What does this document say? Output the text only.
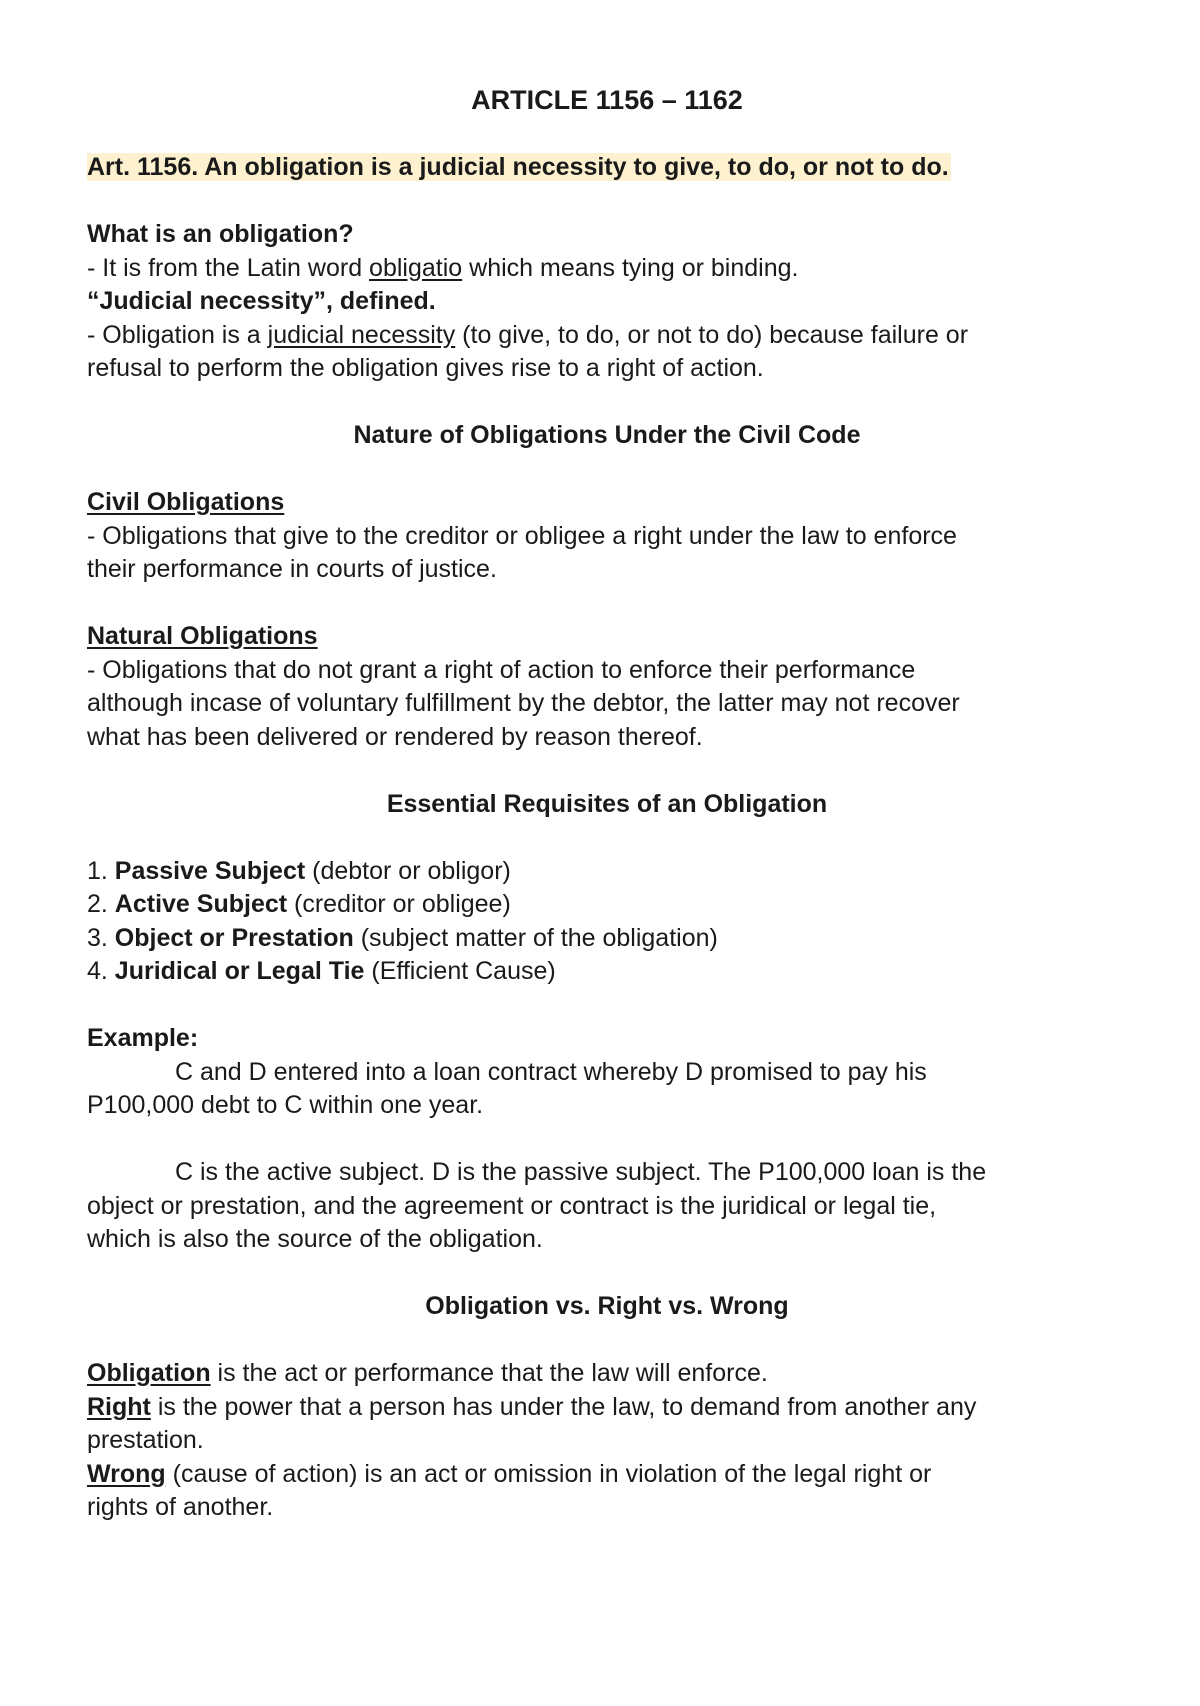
ARTICLE 1156 – 1162
Art. 1156. An obligation is a judicial necessity to give, to do, or not to do.
What is an obligation?
- It is from the Latin word obligatio which means tying or binding.
“Judicial necessity”, defined.
- Obligation is a judicial necessity (to give, to do, or not to do) because failure or
refusal to perform the obligation gives rise to a right of action.
Nature of Obligations Under the Civil Code
Civil Obligations
- Obligations that give to the creditor or obligee a right under the law to enforce
their performance in courts of justice.
Natural Obligations
- Obligations that do not grant a right of action to enforce their performance
although incase of voluntary fulfillment by the debtor, the latter may not recover
what has been delivered or rendered by reason thereof.
Essential Requisites of an Obligation
1. Passive Subject (debtor or obligor)
2. Active Subject (creditor or obligee)
3. Object or Prestation (subject matter of the obligation)
4. Juridical or Legal Tie (Efficient Cause)
Example:
C and D entered into a loan contract whereby D promised to pay his
P100,000 debt to C within one year.
C is the active subject. D is the passive subject. The P100,000 loan is the
object or prestation, and the agreement or contract is the juridical or legal tie,
which is also the source of the obligation.
Obligation vs. Right vs. Wrong
Obligation is the act or performance that the law will enforce.
Right is the power that a person has under the law, to demand from another any
prestation.
Wrong (cause of action) is an act or omission in violation of the legal right or
rights of another.
